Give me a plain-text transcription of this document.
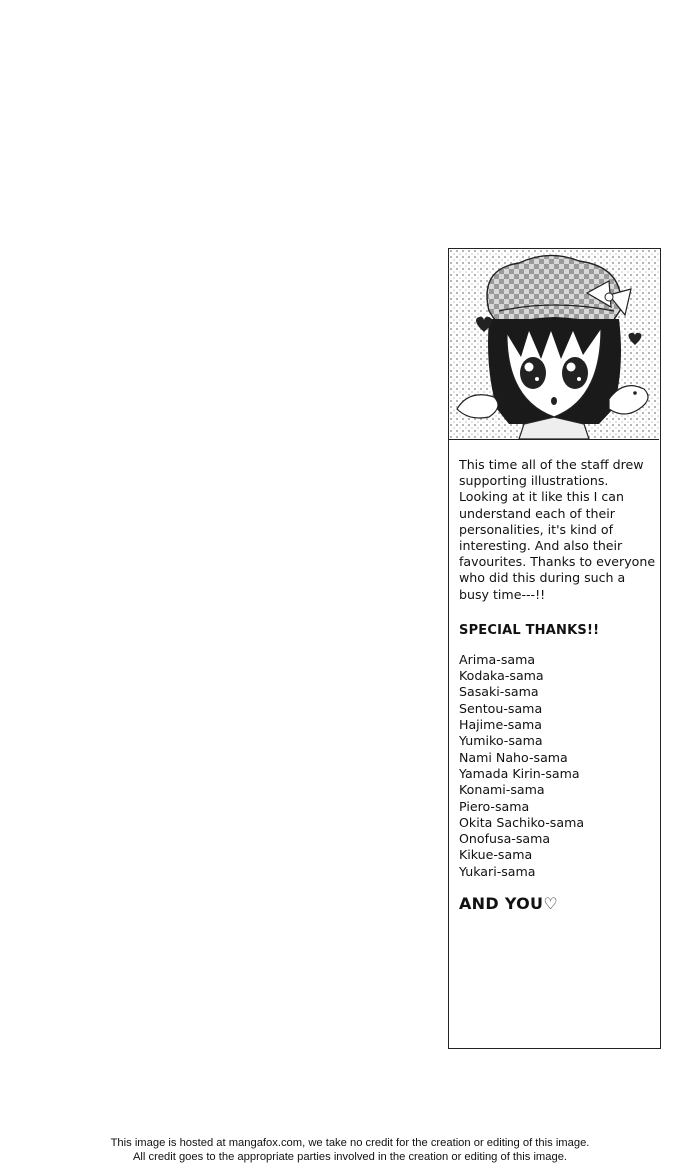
This time all of the staff drew supporting illustrations. Looking at it like this I can understand each of their personalities, it's kind of interesting. And also their favourites. Thanks to everyone who did this during such a busy time---!!

SPECIAL THANKS!!
Arima-sama
Kodaka-sama
Sasaki-sama
Sentou-sama
Hajime-sama
Yumiko-sama
Nami Naho-sama
Yamada Kirin-sama
Konami-sama
Piero-sama
Okita Sachiko-sama
Onofusa-sama
Kikue-sama
Yukari-sama
AND YOU♡
This image is hosted at mangafox.com, we take no credit for the creation or editing of this image.
All credit goes to the appropriate parties involved in the creation or editing of this image.
